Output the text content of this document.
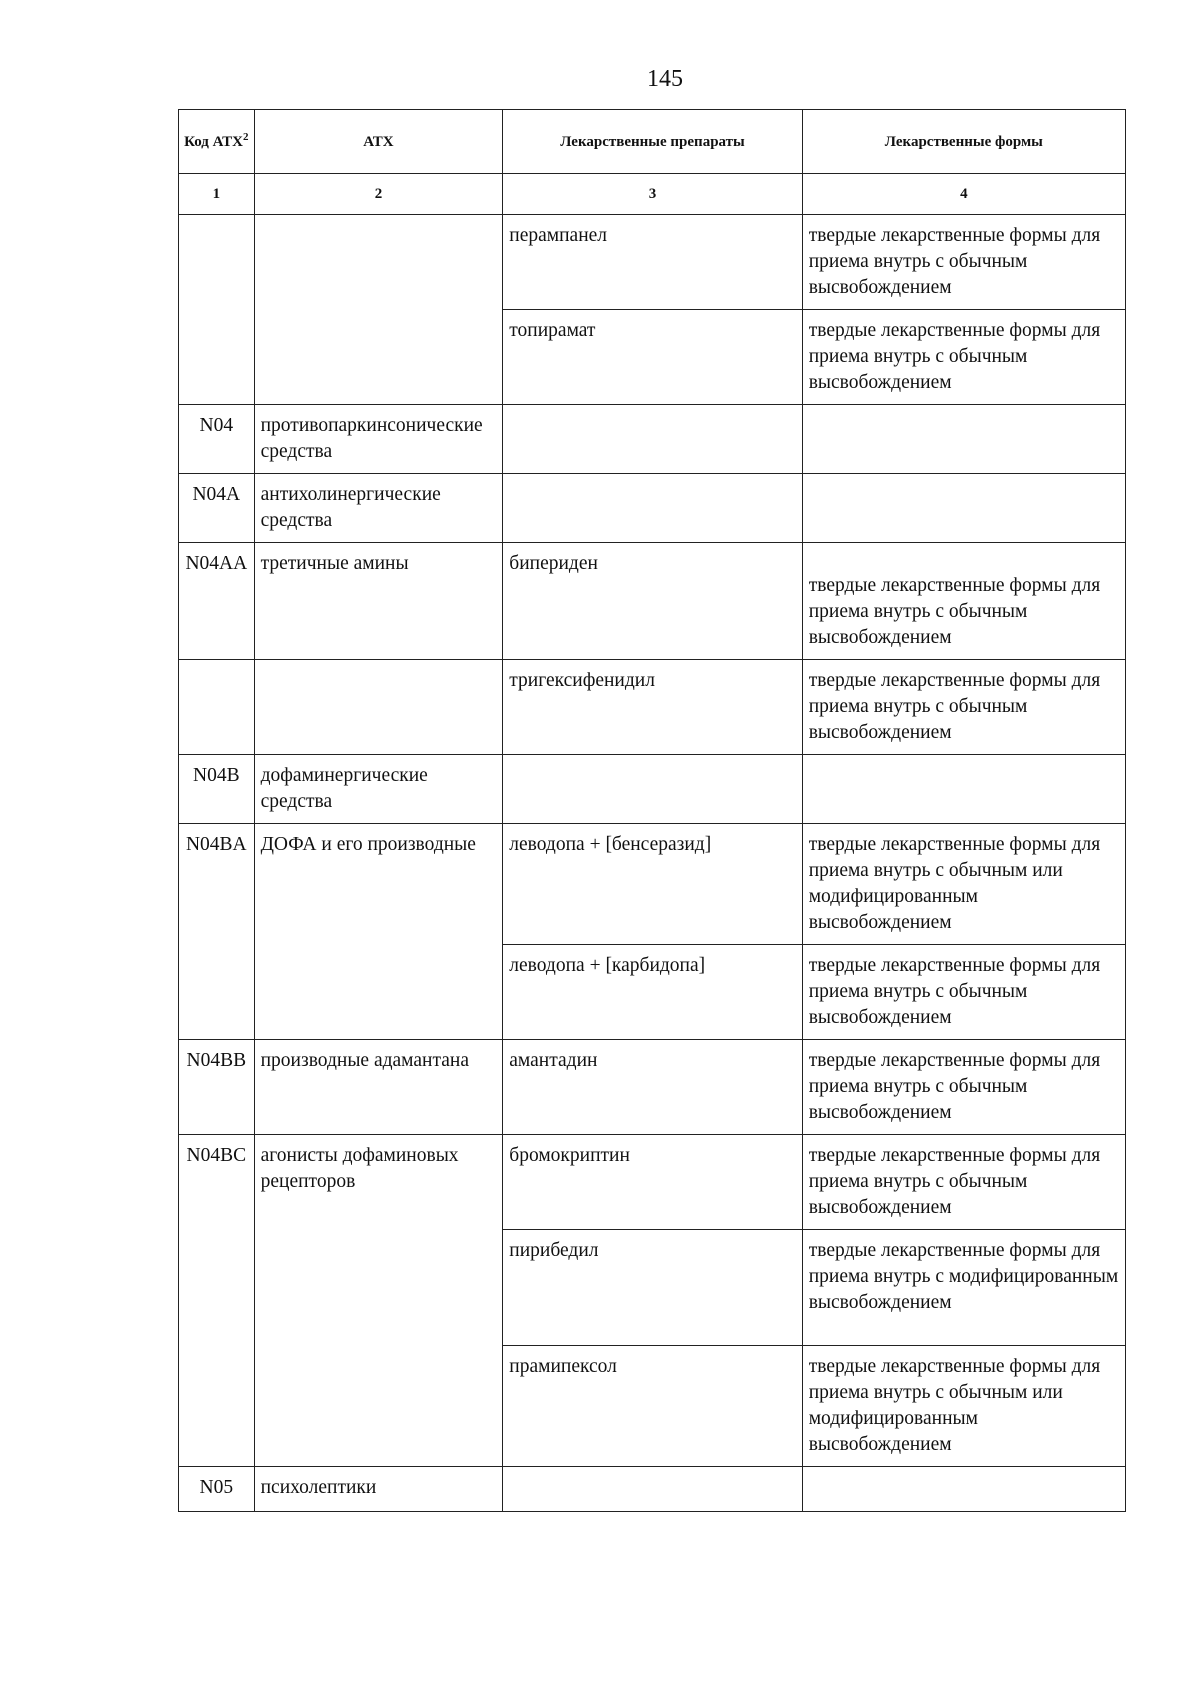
145
Код АТХ$^2$	АТХ	Лекарственные препараты	Лекарственные формы
1	2	3	4
		перампанел	твердые лекарственные формы для приема внутрь с обычным высвобождением
		топирамат	твердые лекарственные формы для приема внутрь с обычным высвобождением
N04	противопаркинсонические средства		
N04A	антихолинергические средства		
N04AA	третичные амины	бипериден	твердые лекарственные формы для приема внутрь с обычным высвобождением
		тригексифенидил	твердые лекарственные формы для приема внутрь с обычным высвобождением
N04B	дофаминергические средства		
N04BA	ДОФА и его производные	леводопа + [бенсеразид]	твердые лекарственные формы для приема внутрь с обычным или модифицированным высвобождением
		леводопа + [карбидопа]	твердые лекарственные формы для приема внутрь с обычным высвобождением
N04BB	производные адамантана	амантадин	твердые лекарственные формы для приема внутрь с обычным высвобождением
N04BC	агонисты дофаминовых рецепторов	бромокриптин	твердые лекарственные формы для приема внутрь с обычным высвобождением
		пирибедил	твердые лекарственные формы для приема внутрь с модифицированным высвобождением
		прамипексол	твердые лекарственные формы для приема внутрь с обычным или модифицированным высвобождением
N05	психолептики		
